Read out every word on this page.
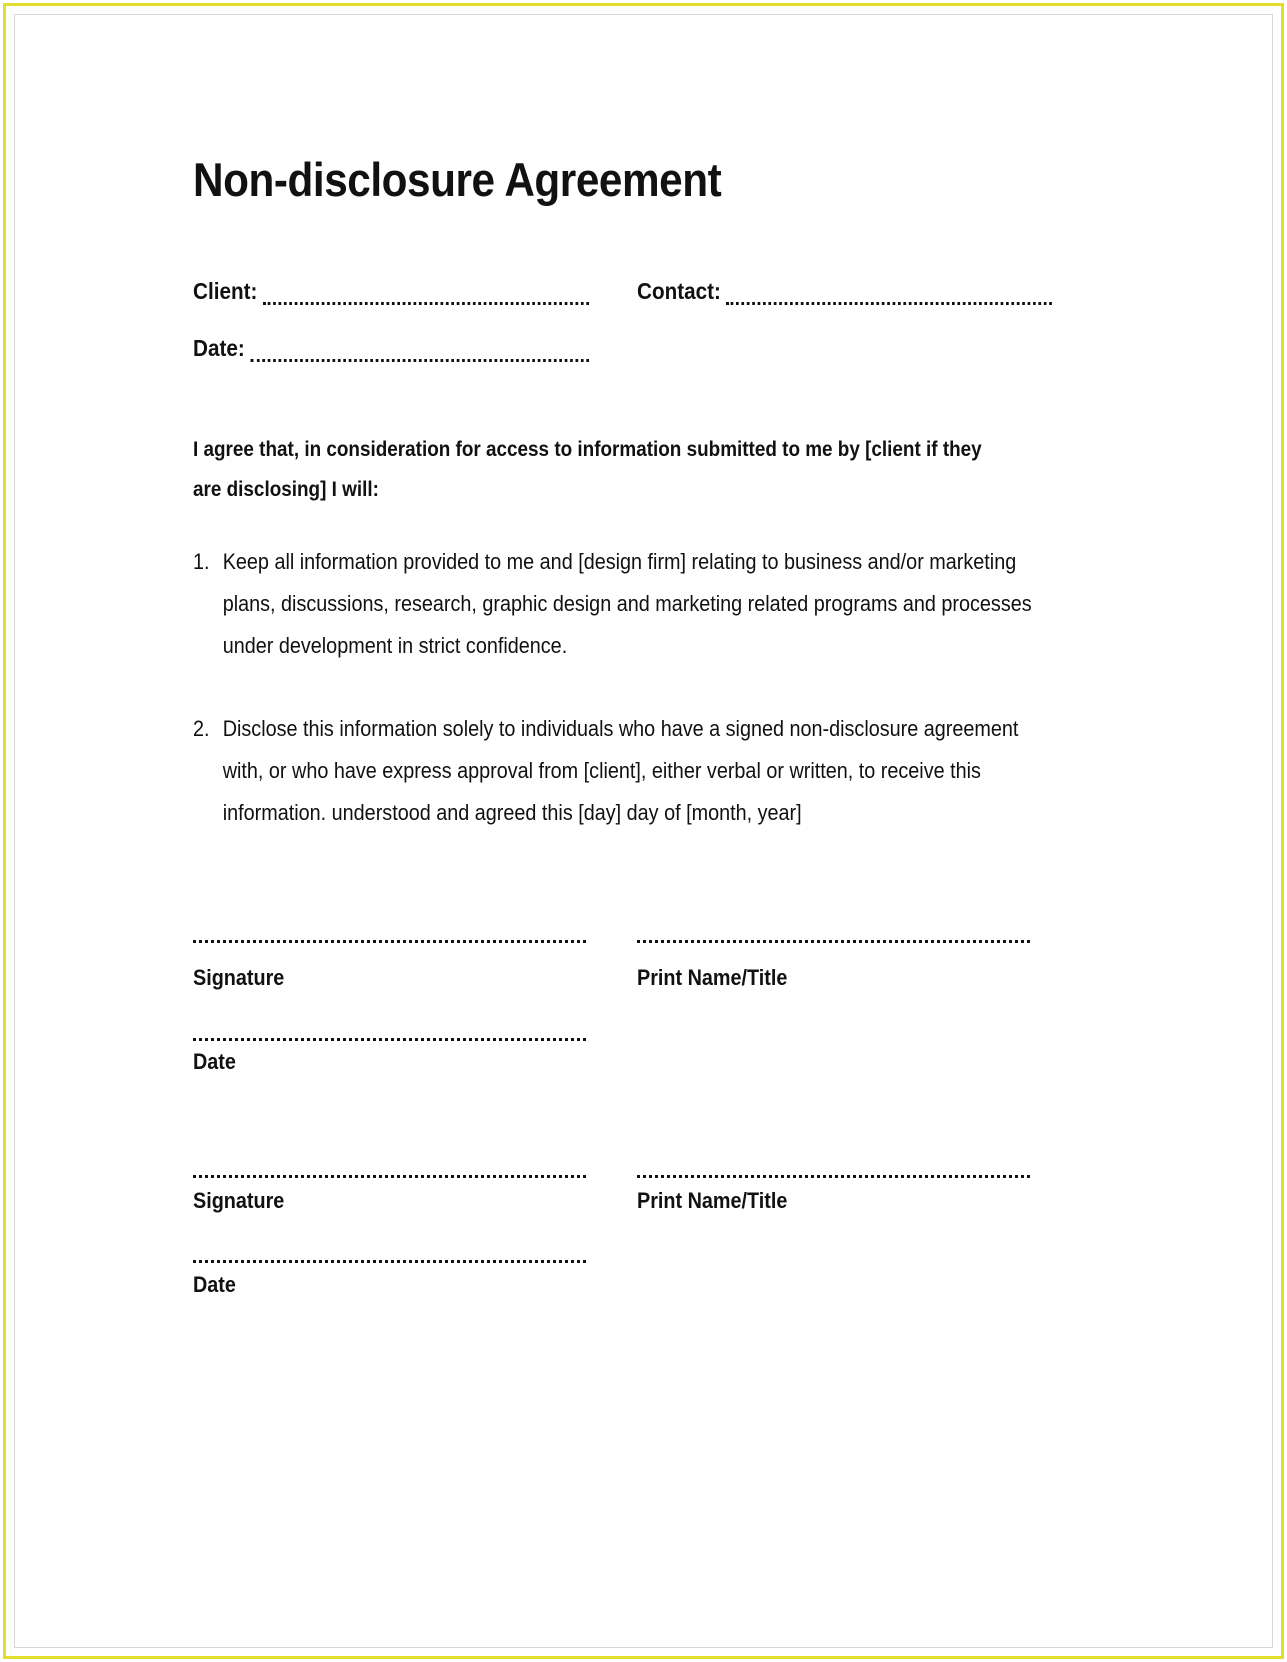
Non-disclosure Agreement
Client:	Contact:
Date:
I agree that, in consideration for access to information submitted to me by [client if they are disclosing] I will:
1. Keep all information provided to me and [design firm] relating to business and/or marketing plans, discussions, research, graphic design and marketing related programs and processes under development in strict confidence.
2. Disclose this information solely to individuals who have a signed non-disclosure agreement with, or who have express approval from [client], either verbal or written, to receive this information. understood and agreed this [day] day of [month, year]
Signature	Print Name/Title
Date
Signature	Print Name/Title
Date
